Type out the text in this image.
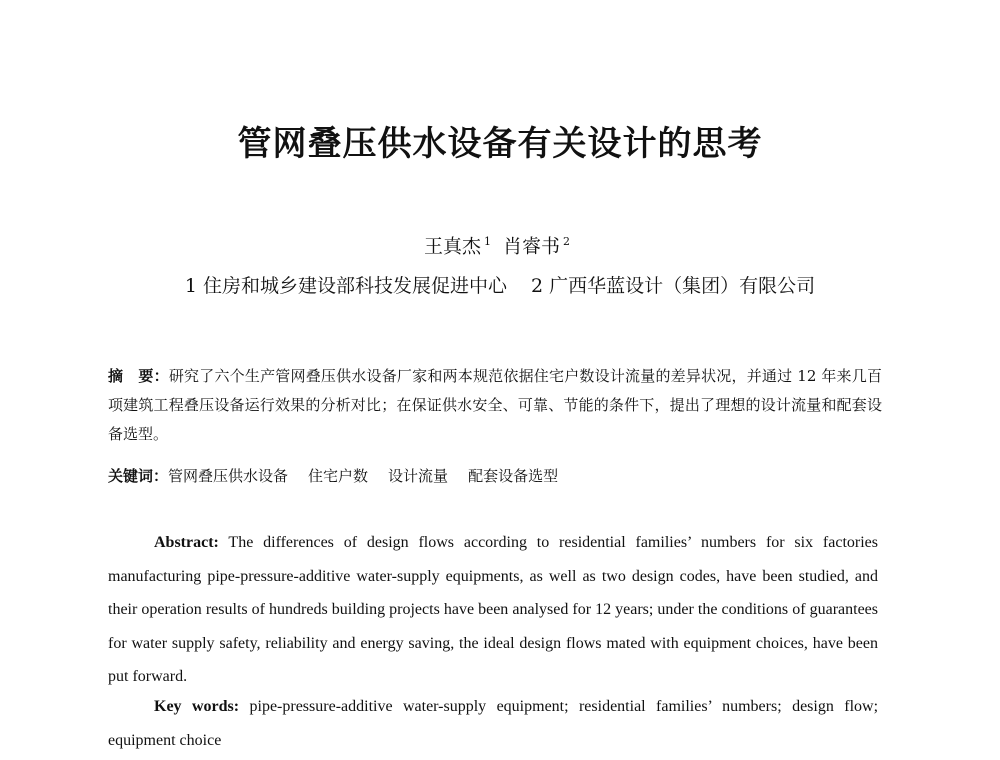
管网叠压供水设备有关设计的思考
王真杰 $^1$ 肖睿书 $^2$
1 住房和城乡建设部科技发展促进中心 2 广西华蓝设计（集团）有限公司
摘　要：研究了六个生产管网叠压供水设备厂家和两本规范依据住宅户数设计流量的差异状况，并通过 12 年来几百项建筑工程叠压设备运行效果的分析对比；在保证供水安全、可靠、节能的条件下，提出了理想的设计流量和配套设备选型。
关键词：管网叠压供水设备 住宅户数 设计流量 配套设备选型
Abstract: The differences of design flows according to residential families’ numbers for six factories manufacturing pipe-pressure-additive water-supply equipments, as well as two design codes, have been studied, and their operation results of hundreds building projects have been analysed for 12 years; under the conditions of guarantees for water supply safety, reliability and energy saving, the ideal design flows mated with equipment choices, have been put forward.
Key words: pipe-pressure-additive water-supply equipment; residential families’ numbers; design flow; equipment choice
